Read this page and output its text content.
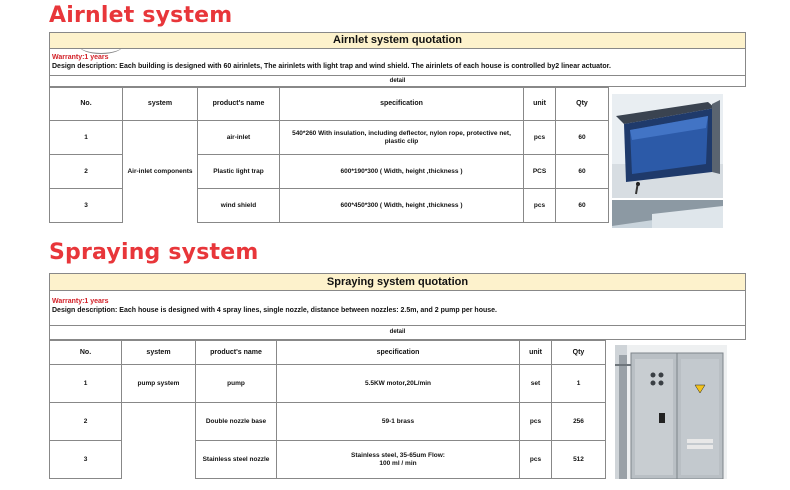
Airnlet system
Airnlet system quotation
Warranty:1 years
Design description: Each building is designed with 60 airinlets, The airinlets with light trap and wind shield. The airinlets of each house is controlled by2 linear actuator.
detail
No.	system	product's name	specification	unit	Qty
1	Air-inlet components	air-inlet	540*260 With insulation, including deflector, nylon rope, protective net, plastic clip	pcs	60
2		Plastic light trap	600*190*300 ( Width, height ,thickness )	PCS	60
3		wind shield	600*450*300 ( Width, height ,thickness )	pcs	60
Spraying system
Spraying system quotation
Warranty:1 years
Design description: Each house is designed with 4 spray lines, single nozzle, distance between nozzles: 2.5m, and 2 pump per house.
detail
No.	system	product's name	specification	unit	Qty
1	pump system	pump	5.5KW motor,20L/min	set	1
2		Double nozzle base	59-1 brass	pcs	256
3		Stainless steel nozzle	Stainless steel, 35-65um Flow: 100 ml / min	pcs	512
